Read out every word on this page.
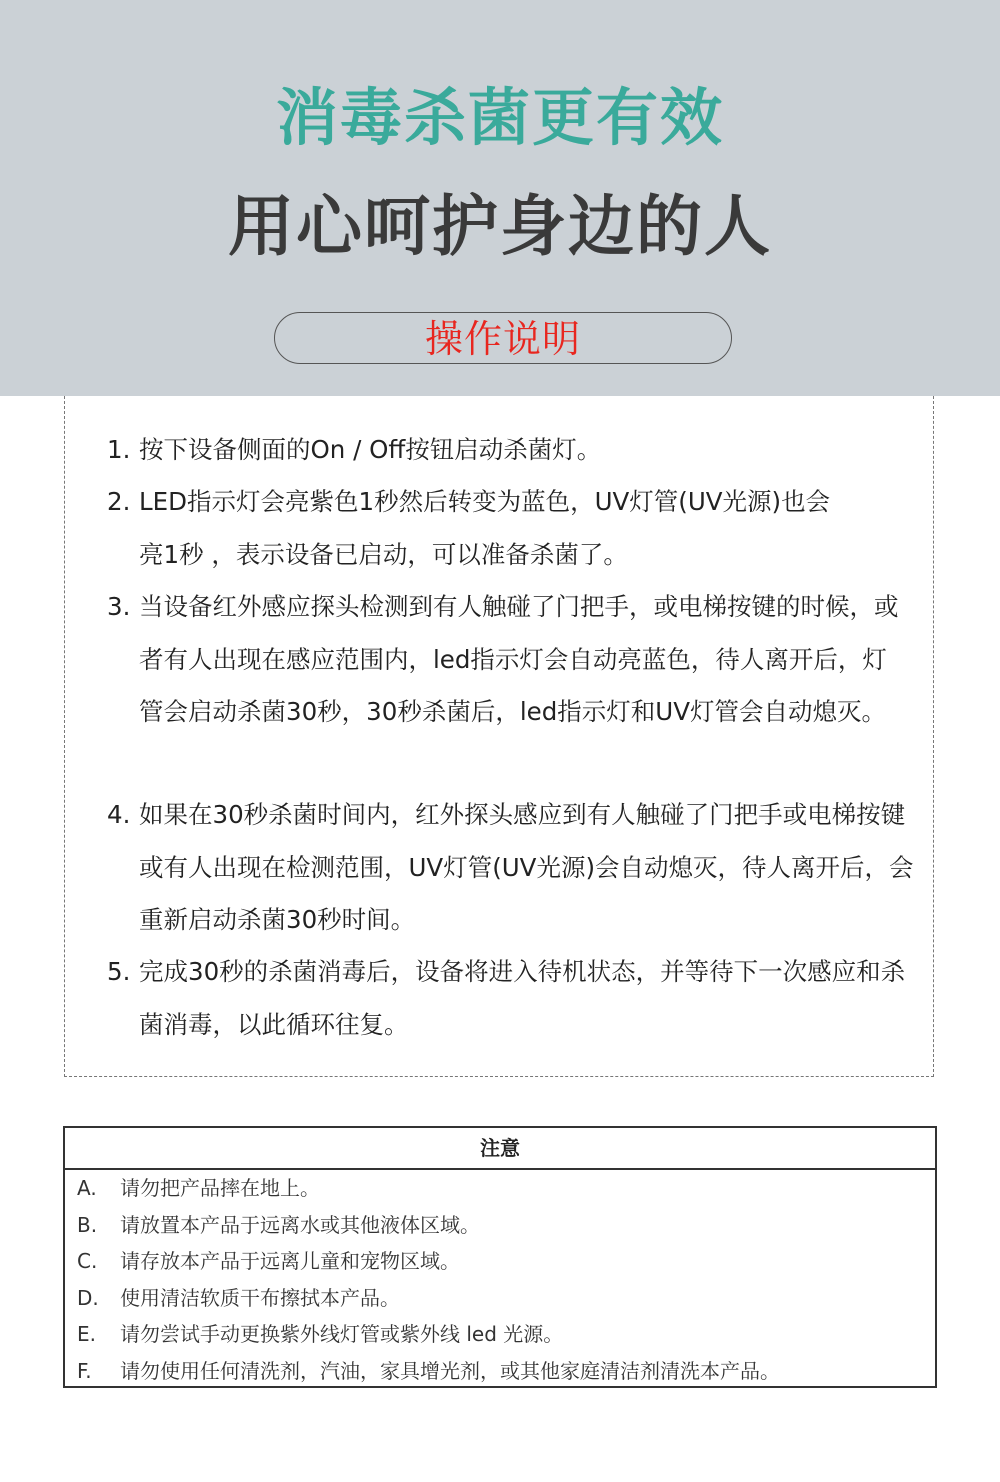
消毒杀菌更有效
用心呵护身边的人
操作说明
1. 按下设备侧面的On / Off按钮启动杀菌灯。
2. LED指示灯会亮紫色1秒然后转变为蓝色，UV灯管(UV光源)也会亮1秒 ，表示设备已启动，可以准备杀菌了。
3. 当设备红外感应探头检测到有人触碰了门把手，或电梯按键的时候，或者有人出现在感应范围内，led指示灯会自动亮蓝色，待人离开后，灯管会启动杀菌30秒，30秒杀菌后，led指示灯和UV灯管会自动熄灭。
4. 如果在30秒杀菌时间内，红外探头感应到有人触碰了门把手或电梯按键或有人出现在检测范围，UV灯管(UV光源)会自动熄灭，待人离开后，会重新启动杀菌30秒时间。
5. 完成30秒的杀菌消毒后，设备将进入待机状态，并等待下一次感应和杀菌消毒，以此循环往复。
注意
A. 请勿把产品摔在地上。
B. 请放置本产品于远离水或其他液体区域。
C. 请存放本产品于远离儿童和宠物区域。
D. 使用清洁软质干布擦拭本产品。
E. 请勿尝试手动更换紫外线灯管或紫外线 led 光源。
F. 请勿使用任何清洗剂，汽油，家具增光剂，或其他家庭清洁剂清洗本产品。
